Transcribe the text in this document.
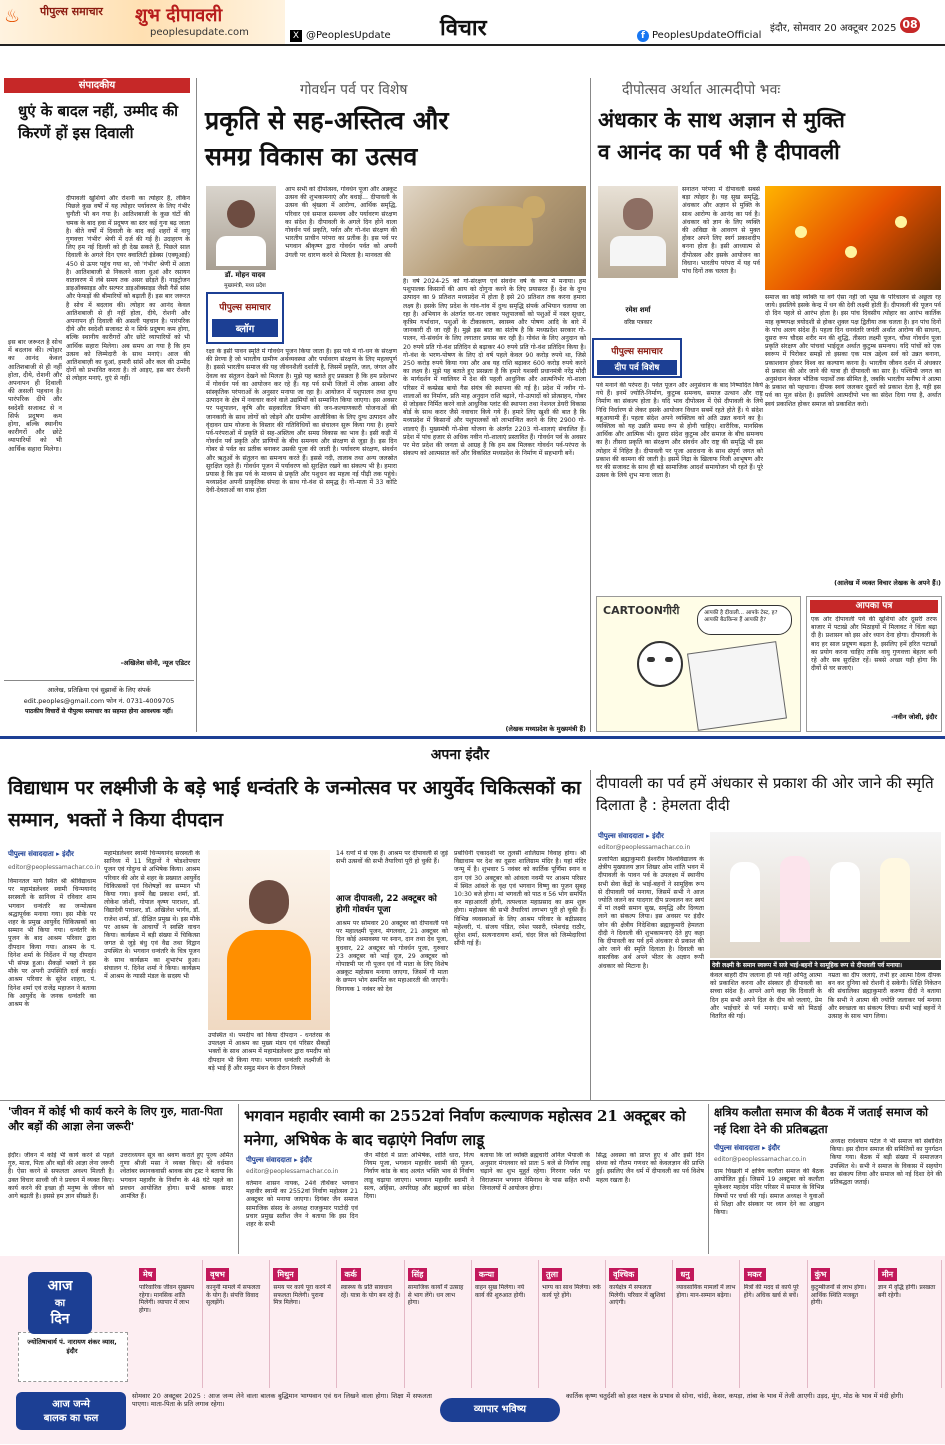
पीपुल्स समाचार शुभ दीपावली
peoplesupdate.com
♨
X @PeoplesUpdate विचार	इंदौर, सोमवार 20 अक्टूबर 2025 08
f PeoplesUpdateOfficial
संपादकीय
धुएं के बादल नहीं, उम्मीद की किरणें हों इस दिवाली
दीपावली खुशियों और रोशनी का त्योहार है, लेकिन पिछले कुछ वर्षों में यह त्योहार पर्यावरण के लिए गंभीर चुनौती भी बन गया है। आतिशबाजी के कुछ घंटों की चमक के बाद हवा में प्रदूषण का स्तर कई गुना बढ़ जाता है। बीते वर्षों में दिवाली के बाद कई शहरों में वायु गुणवत्ता 'गंभीर' श्रेणी में दर्ज की गई है। उदाहरण के लिए हम नई दिल्ली को ही देख सकते हैं, पिछले साल दिवाली के अगले दिन एयर क्वालिटी इंडेक्स (एक्यूआई) 450 से ऊपर पहुंच गया था, जो 'गंभीर' श्रेणी में आता है। आतिशबाजी से निकलने वाला धुआं और रसायन वातावरण में लंबे समय तक असर छोड़ते हैं। नाइट्रोजन डाइऑक्साइड और सल्फर डाइऑक्साइड जैसी गैसें सांस और फेफड़ों की बीमारियों को बढ़ाती हैं। इस बार जरूरत है सोच में बदलाव की। त्योहार का आनंद केवल आतिशबाजी से ही नहीं होता, दीये, रोशनी और अपनापन ही दिवाली की असली पहचान है। पारंपरिक दीये और स्वदेशी सजावट से न सिर्फ प्रदूषण कम होगा, बल्कि स्थानीय कारीगरों और छोटे व्यापारियों को भी आर्थिक सहारा मिलेगा। अब समय आ गया है कि हम उत्सव को जिम्मेदारी के साथ मनाएं। आज की आतिशबाज़ी का धुआं, हमारी सांसें और कल की उम्मीद दोनों को प्रभावित करता है। तो आइए, इस बार रोशनी से त्योहार मनाएं, धुएं से नहीं।
इस बार जरूरत है सोच में बदलाव की। त्योहार का आनंद केवल आतिशबाजी से ही नहीं होता, दीये, रोशनी और अपनापन ही दिवाली की असली पहचान है। पारंपरिक दीये और स्वदेशी सजावट से न सिर्फ प्रदूषण कम होगा, बल्कि स्थानीय कारीगरों और छोटे व्यापारियों को भी आर्थिक सहारा मिलेगा।
-अखिलेश सोनी, न्यूज एडिटर
आलेख, प्रतिक्रिया एवं सुझावों के लिए संपर्क
edit.peoples@gmail.com फोन नं. 0731-4009705
पाठकीय विचारों से पीपुल्स समाचार का सहमत होना आवश्यक नहीं।
गोवर्धन पर्व पर विशेष
प्रकृति से सह-अस्तित्व और
समग्र विकास का उत्सव
डॉ. मोहन यादव
मुख्यमंत्री, मध्य प्रदेश
आप सभी को दीपोत्सव, गोवर्धन पूजा और अन्नकूट उत्सव की शुभकामनाएं और बधाई... दीपावली के उत्सव की श्रृंखला में आरोग्य, आर्थिक समृद्धि, परिवार एवं समाज समन्वय और पर्यावरण संरक्षण का संदेश है। दीपावली के अगले दिन होने वाला गोवर्धन पर्व प्रकृति, पर्वत और गो-वंश संरक्षण की भारतीय प्राचीन परंपरा का प्रतीक है। इस पर्व पर भगवान श्रीकृष्ण द्वारा गोवर्धन पर्वत को अपनी उंगली पर धारण करने से मिलता है। मानवता की
पीपुल्स समाचार
ब्लॉग
रक्षा के इसी पावन स्मृति में गोवर्धन पूजन किया जाता है। इस पर्व में गो-धन के संरक्षण की प्रेरणा है जो भारतीय ग्रामीण अर्थव्यवस्था और पर्यावरण संरक्षण के लिए महत्वपूर्ण है। इससे भारतीय समाज की यह जीवनशैली दर्शाती है, जिसमें प्रकृति, जल, जंगल और देवत्व का संतुलन देखने को मिलता है। मुझे यह बताते हुए प्रसन्नता है कि हम प्रदेशभर में गोवर्धन पर्व का आयोजन कर रहे हैं। यह पर्व सभी जिलों में लोक आस्था और सांस्कृतिक परंपराओं के अनुसार मनाया जा रहा है। आयोजन में पशुपालन तथा दुग्ध उत्पादन के क्षेत्र में नवाचार करने वाले उद्यमियों को सम्मानित किया जाएगा। इस अवसर पर पशुपालन, कृषि और सहकारिता विभाग की जन-कल्याणकारी योजनाओं की जानकारी के साथ लोगों को जोड़ने और ग्रामीण आजीविका के लिए दुग्ध उत्पादन और वृंदावन ग्राम योजना के विस्तार की गतिविधियों का संचालन सुरू किया गया है। हमारे पर्व-परंपराओं में प्रकृति से सह-अस्तित्व और समग्र विकास का भाव है। इसी कड़ी में गोवर्धन पर्व प्रकृति और प्राणियों के बीच समन्वय और संरक्षण से जुड़ा है। इस दिन गोबर से पर्वत का प्रतीक बनाकर उसकी पूजा की जाती है। पर्यावरण संरक्षण, संवर्धन और ऋतुओं के संतुलन का समन्वय करते हैं। इससे नदी, तालाब तथा अन्य जलस्रोत सुरक्षित रहते हैं। गोवर्धन पूजन में पर्यावरण को सुरक्षित रखने का संकल्प भी है। हमारा प्रयास है कि इस पर्व के माध्यम से प्रकृति और पशुधन का महत्व नई पीढ़ी तक पहुंचे। मध्यप्रदेश अपनी प्राकृतिक संपदा के साथ गो-वंश से समृद्ध है। गो-माता में 33 कोटि देवी-देवताओं का वास होता
है। वर्ष 2024-25 को गो-संरक्षण एवं संवर्धन वर्ष के रूप में मनाया। हम पशुपालक किसानों की आय को दोगुना करने के लिए प्रयासरत हैं। देश के दुग्ध उत्पादन का 9 प्रतिशत मध्यप्रदेश में होता है इसे 20 प्रतिशत तक करना हमारा लक्ष्य है। इसके लिए प्रदेश के गांव-गांव में दुग्ध समृद्धि संपर्क अभियान चलाया जा रहा है। अभियान के अंतर्गत घर-घर जाकर पशुपालकों को पशुओं में नस्ल सुधार, कृत्रिम गर्भाधान, पशुओं के टीकाकरण, स्वास्थ्य और पोषण आदि के बारे में जानकारी दी जा रही है। मुझे इस बात का संतोष है कि मध्यप्रदेश सरकार गो-पालन, गो-संवर्धन के लिए लगातार प्रयास कर रही है। गोवंश के लिए अनुदान को 20 रुपये प्रति गो-वंश प्रतिदिन से बढ़ाकर 40 रुपये प्रति गो-वंश प्रतिदिन किया है। गो-वंश के भरण-पोषण के लिए दो वर्ष पहले केवल 90 करोड़ रुपये था, जिसे 250 करोड़ रुपये किया गया और अब यह राशि बढ़ाकर 600 करोड़ रुपये करने का लक्ष्य है। मुझे यह बताते हुए प्रसन्नता है कि हमारे यशस्वी प्रधानमंत्री नरेंद्र मोदी के मार्गदर्शन में ग्वालियर में देश की पहली आधुनिक और आत्मनिर्भर गो-शाला परिसर में कम्प्रेस्ड बायो गैस संयंत्र की स्थापना की गई है। प्रदेश में नवीन गो-शालाओं का निर्माण, प्रति माह अनुदान राशि बढ़ाने, गो-उत्पादों को प्रोत्साहन, गोबर से जोड़कर निर्मित करने वाले आधुनिक प्लांट की स्थापना तथा नेशनल डेयरी विकास बोर्ड के साथ करार जैसे नवाचार किये गये हैं। हमारे लिए खुशी की बात है कि मध्यप्रदेश में किसानों और पशुपालकों को लाभान्वित करने के लिए 2900 गो-शालाएं हैं। मुख्यमंत्री गो-सेवा योजना के अंतर्गत 2203 गो-शालाएं संचालित हैं। प्रदेश में पांच हजार से अधिक नवीन गो-शालाएं प्रस्तावित हैं। गोवर्धन पर्व के अवसर पर मेरा प्रदेश की जनता से आग्रह है कि हम सब मिलकर गोवर्धन पर्व-परंपरा के संकल्प को आत्मसात करें और विकसित मध्यप्रदेश के निर्माण में सहभागी बनें।
(लेखक मध्यप्रदेश के मुख्यमंत्री हैं)
दीपोत्सव अर्थात आत्मदीपो भवः
अंधकार के साथ अज्ञान से मुक्ति
व आनंद का पर्व भी है दीपावली
रमेश शर्मा
वरिष्ठ पत्रकार
सनातन परंपरा में दीपावली सबसे बड़ा त्योहार है। यह सुख समृद्धि, अंधकार और अज्ञान से मुक्ति के साथ आरोग्य के आनंद का पर्व है। अंधकार को ज्ञान के लिए व्यक्ति की अविद्या के आवरण से मुक्त होकर अपने लिए स्वर्ग प्रकाशदीप बनना होता है। इसी आध्यात्म से दीपोत्सव और इसके आयोजन का विधान। भारतीय परंपरा में यह पर्व पांच दिनों तक चलता है।
पीपुल्स समाचार
दीप पर्व विशेष
पर्व मनाने की परंपरा है। पर्वत पूजन और अनुसंधान के बाद निष्पादित किये गये हैं। इनमें ज्योति-निर्माण, कुटुम्ब समन्वय, समाज उत्थान और राष्ट्र निर्माण का संकल्प होता है। यदि भाव दीपोत्सव में ऐसे दीपावली के लिये निधि निर्धारण से लेकर इसके आयोजन विधान सबमें रहते होते हैं। ये संदेश बहुआयामी हैं। पहला संदेश अपने व्यक्तित्व को अति उन्नत बनाने का है। व्यक्तित्व को यह उन्नति समग्र रूप से होनी चाहिए। शारीरिक, मानसिक आर्थिक और आत्मिक भी। दूसरा संदेश कुटुम्ब और समाज के बीच समन्वय का है। तीसरा प्रकृति का संरक्षण और संवर्धन और राष्ट्र की समृद्धि भी इस त्योहार में निहित है। दीपावली पर पूजा आराधना के साथ संपूर्ण जगत को प्रकाश की कामना की जाती है। इसमें निद्रा के खिलाफ निजी आभूषण और घर की सजावट के साथ ही बड़े सामाजिक आदर्श समायोजन भी रहते हैं। पूरे उत्सव के लिये शुभ माना जाता है।
समाज का कोई व्यक्ति या वर्ग ऐसा नहीं जो भूख के परिचालन से अछूता रह जाये। इसलिये इसके केन्द्र में धन की देवी लक्ष्मी होती हैं। दीपावली की पूजन पर्व दो दिन पहले से आरंभ होता है। इस पांच दिवसीय त्योहार का आरंभ कार्तिक माह कृष्णपक्ष त्रयोदशी से होकर शुक्ल पक्ष द्वितीया तक चलता है। इन पांच दिनों के पांच अलग संदेश हैं। पहला दिन धनवंतरि जयंती अर्थात आरोग्य की साधना, दूसरा रूप चौदस शरीर मन की शुद्धि, तीसरा लक्ष्मी पूजन, चौथा गोवर्धन पूजा प्रकृति संरक्षण और पांचवां भाईदूज अर्थात कुटुम्ब समन्वय। यदि पांचों को एक स्वरूप में पिरोकर समझें तो इसका एक मात्र उद्देश्य सर्व को उन्नत बनाना, प्रकाशवान होकर विश्व का कल्याण करना है। भारतीय जीवन दर्शन में अंधकार से प्रकाश की ओर जाने की यात्रा ही दीपावली का सार है। पश्चिमी जगत का अनुसंधान केवल भौतिक पदार्थों तक सीमित है, जबकि भारतीय मनीषा ने आत्मा के प्रकाश को पहचाना। दीपक स्वयं जलकर दूसरों को प्रकाश देता है, यही इस पर्व का मूल संदेश है। इसलिये आत्मदीपो भव का संदेश दिया गया है, अर्थात स्वयं प्रकाशित होकर समाज को प्रकाशित करो।
(आलेख में व्यक्त विचार लेखक के अपने हैं।)
CARTOONगीरी	आपकी है दीवाली... आपके टेस्ट, ह? आपकी बैठकिन्स हैं आपकी है?
आपका पत्र
एक ओर दीपावली पर्व की खुशियां और दूसरी तरफ बाजार में पटाखे और मिठाइयों में मिलावट ने चिंता बढ़ा दी है। प्रशासन को इस ओर ध्यान देना होगा। दीपावली के बाद हर साल प्रदूषण बढ़ता है, इसलिए हमें हरित पटाखों का प्रयोग करना चाहिए ताकि वायु गुणवत्ता बेहतर बनी रहे और सब सुरक्षित रहें। सबसे अच्छा यही होगा कि दीयों से घर सजाएं।
-नवीन जोशी, इंदौर
अपना इंदौर
विद्याधाम पर लक्ष्मीजी के बड़े भाई धन्वंतरि के जन्मोत्सव पर आयुर्वेद चिकित्सकों का सम्मान, भक्तों ने किया दीपदान
पीपुल्स संवाददाता ▸ इंदौर
editor@peoplessamachar.co.in
विमानतल मार्ग स्थित श्री श्रीविद्याधाम पर महामंडलेश्वर स्वामी चिन्मयानंद सरस्वती के सानिध्य में रविवार शाम भगवान धन्वंतरि का जन्मोत्सव श्रद्धापूर्वक मनाया गया। इस मौके पर शहर के प्रमुख आयुर्वेद चिकित्सकों का सम्मान भी किया गया। धन्वंतरि के पूजन के बाद आश्रम परिवार द्वारा दीपदान किया गया। आश्रम के पं. दिनेश शर्मा के निर्देशन में यह दीपदान भी संपन्न हुआ। सैकड़ों भक्तों ने इस मौके पर अपनी उपस्थिति दर्ज कराई। आश्रम परिवार के सुरेश शाहरा, पं. दिनेश शर्मा एवं राजेंद्र महाजन ने बताया कि आयुर्वेद के जनक धन्वंतरि का आश्रम के
महामंडलेश्वर स्वामी चिन्मयानंद सरस्वती के सानिध्य में 11 विद्वानों ने षोडशोपचार पूजन एवं गोदुग्ध से अभिषेक किया। आश्रम परिवार की ओर से शहर के प्रख्यात आयुर्वेद चिकित्सकों एवं विशेषज्ञों का सम्मान भी किया गया। इनमें वैद्य प्रकाश शर्मा, डॉ. लोकेश जोशी, गोपाल कृष्ण पाराशर, डॉ. विद्यादेवी पाराशर, डॉ. अखिलेश भार्गव, डॉ. राजेश शर्मा, डॉ. दीक्षित प्रमुख थे। इस मौके पर आश्रम के आचार्यों ने स्वस्ति वाचन किया। कार्यक्रम में बड़ी संख्या में चिकित्सा जगत से जुड़े बंधु एवं वैद्य तथा विद्वान उपस्थित थे। भगवान धन्वंतरि के चित्र पूजन के साथ कार्यक्रम का शुभारंभ हुआ। संचालन पं. दिनेश शर्मा ने किया। कार्यक्रम में आश्रम के न्यासी मंडल के सदस्य भी
उपस्थित थे। पमदीप को किया दीपदान - धनतेरस के उपलक्ष्य में आश्रम का मुख्य मंडप एवं परिसर सैकड़ों भक्तों के साथ आश्रम में महामंडलेश्वर द्वारा यमदीप को दीपदान भी किया गया। भगवान धन्वंतरि लक्ष्मीजी के बड़े भाई हैं और समुद्र मंथन के दौरान निकले
14 रत्नों में से एक हैं। आश्रम पर दीपावली से जुड़े सभी उत्सवों की सभी तैयारियां पूरी हो चुकी हैं।
आज दीपावली, 22 अक्टूबर को होगी गोवर्धन पूजा
आश्रम पर सोमवार 20 अक्टूबर को दीपावली पर्व पर महालक्ष्मी पूजन, मंगलवार, 21 अक्टूबर को दिन कोई अमावस्या पर स्नान, दान तथा देव पूजा, बुधवार, 22 अक्टूबर को गोवर्धन पूजा, गुरुवार 23 अक्टूबर को भाई दूज, 29 अक्टूबर को गोपाष्टमी पर गौ पूजन एवं गौ माता के लिए विशेष अन्नकूट महोत्सव मनाया जाएगा, जिसमें गौ माता के छप्पन भोग समर्पित कर महाआरती की जाएगी। विनायक 1 नवंबर को देव
प्रबोधिनी एकादशी पर तुलसी शालिग्राम विवाह होगा। श्री विद्याधाम पर देश का दूसरा शालिग्राम मंदिर है। यहां मंदिर जन्मू में है। शुभवार 5 नवंबर को कार्तिक पूर्णिमा स्नान व दान एवं 30 अक्टूबर को आंवला नवमी पर आश्रम परिसर में स्थित आंवले के वृक्ष एवं भगवान विष्णु का पूजन सुबह 10:30 बजे होगा। मां भगवती को पाठ व 56 भोग समर्पित कर महाआरती होगी, तत्पश्चात महाप्रसाद का क्रम शुरू होगा। महोत्सव की सभी तैयारियां लगभग पूरी हो चुकी हैं। विभिन्न व्यवस्थाओं के लिए आश्रम परिवार के बद्रीप्रसाद महेश्वरी, पं. संजय पंडित, रमेश पसारी, रमेशचंद्र राठौर, सुरेश शर्मा, सत्यनारायण शर्मा, चंदर विज को जिम्मेदारियां सौंपी गई हैं।
दीपावली का पर्व हमें अंधकार से प्रकाश की ओर जाने की स्मृति दिलाता है : हेमलता दीदी
पीपुल्स संवाददाता ▸ इंदौर
editor@peoplessamachar.co.in
प्रजापिता ब्रह्माकुमारी ईश्वरीय विश्वविद्यालय के क्षेत्रीय मुख्यालय ज्ञान शिखर ओम शांति भवन में दीपावली के पावन पर्व के उपलक्ष्य में स्थानीय सभी सेवा केंद्रों के भाई-बहनों ने सामूहिक रूप से दीपावली पर्व मनाया, जिसमें सभी ने आज ज्योति जलने का यादगार दीप प्रज्वलन कर स्वयं में मां लक्ष्मी समान सुख, समृद्धि और दिव्यता लाने का संकल्प लिया। इस अवसर पर इंदौर जोन की क्षेत्रीय निदेशिका ब्रह्माकुमारी हेमलता दीदी ने दिवाली की शुभकामनाएं देते हुए कहा कि दीपावली का पर्व हमें अंधकार से प्रकाश की ओर जाने की स्मृति दिलाता है। दिवाली का वास्तविक अर्थ अपने भीतर के अज्ञान रूपी अंधकार को मिटाना है।	देवी लक्ष्मी के समान स्वरूप में सजे भाई-बहनों ने सामूहिक रूप से दीपावली पर्व मनाया।
केवल बाहरी दीप जलाना ही पर्व नहीं अपितु आत्मा को प्रकाशित करना और संस्कार ही दीपावली का सच्चा संदेश है। आपने आगे कहा कि दिवाली के दिन हम सभी अपने दिल के दीप को जलाएं, प्रेम और भाईचारे से पर्व मनाएं। सभी को मिठाई वितरित की गई।
नम्रता का दीप जलाएं, तभी हर आत्मा दिव्य दीपक बन कर दुनिया को रोशनी दे सकेगी। शिक्षि निकेतन की संचालिका ब्रह्माकुमारी करुणा दीदी ने बताया कि सभी ने आत्मा की ज्योति जलाकर पर्व मनाया और स्वच्छता का संकल्प लिया। सभी भाई बहनों ने उत्साह के साथ भाग लिया।
'जीवन में कोई भी कार्य करने के लिए गुरु, माता-पिता और बड़ों की आज्ञा लेना जरूरी'
इंदौर। जीवन में कोई भी कार्य करने से पहले गुरु, माता, पिता और बड़ों की आज्ञा लेना जरूरी है। ऐसा करने से सफलता अवश्य मिलती है। उक्त विचार साध्वी जी ने प्रवचन में व्यक्त किए। कार्य करने की इच्छा ही मनुष्य के जीवन को आगे बढ़ाती है। इससे हम ज्ञान सीखते हैं।
उत्तराध्ययन सूत्र का श्रवण कराते हुए पूज्य अमित गुणा श्रीजी मसा ने व्यक्त किए। श्री वर्धमान श्वेतांबर स्थानकवासी श्रावक संघ ट्रस्ट ने बताया कि भगवान महावीर के निर्वाण के 48 घंटे पहले का प्रवचन आयोजित होगा। सभी श्रावक सादर आमंत्रित हैं।
भगवान महावीर स्वामी का 2552वां निर्वाण कल्याणक महोत्सव 21 अक्टूबर को मनेगा, अभिषेक के बाद चढ़ाएंगे निर्वाण लाडू
पीपुल्स संवाददाता ▸ इंदौर
editor@peoplessamachar.co.in
वर्तमान शासन नायक, 24वें तीर्थंकर भगवान महावीर स्वामी का 2552वां निर्वाण महोत्सव 21 अक्टूबर को मनाया जाएगा। दिगंबर जैन समाज सामाजिक संसद के अध्यक्ष राजकुमार पाटोदी एवं प्रचार प्रमुख सतीश जैन ने बताया कि इस दिन शहर के सभी
जैन मंदिरों में प्रातः अभिषेक, शांति धारा, नित्य नियम पूजा, भगवान महावीर स्वामी की पूजन, निर्वाण कांड के बाद अत्यंत भक्ति भाव से निर्वाण लाडू चढ़ाया जाएगा। भगवान महावीर स्वामी ने सत्य, अहिंसा, अपरिग्रह और ब्रह्मचर्य का संदेश दिया।
बताया कि जो व्यक्ति ब्रह्मचारी अनिल भैयाजी के अनुसार मंगलवार को प्रातः 5 बजे से निर्वाण लाडू चढ़ाने का शुभ मुहूर्त रहेगा। गिरनार पर्वत पर विराजमान भगवान नेमिनाथ के पास सहित सभी जिनालयों में आयोजन होगा।
सिद्ध अवस्था को प्राप्त हुए थे और इसी दिन संध्या को गौतम गणधर को केवलज्ञान की प्राप्ति हुई। इसलिए जैन धर्म में दीपावली का पर्व विशेष महत्व रखता है।
क्षत्रिय कलौता समाज की बैठक में जताई समाज को नई दिशा देने की प्रतिबद्धता
पीपुल्स संवाददाता ▸ इंदौर
editor@peoplessamachar.co.in
ग्राम चिखली में क्षत्रिय कलौता समाज की बैठक आयोजित हुई। जिसमें 19 अक्टूबर को कलौता मुकेश्वर महादेव मंदिर परिसर में समाज के विभिन्न विषयों पर चर्चा की गई। समाज अध्यक्ष ने युवाओं से शिक्षा और संस्कार पर ध्यान देने का आह्वान किया।
अध्यक्ष राधेश्याम पटेल ने भी समाज को संबोधित किया। इस दौरान समाज की समितियों का पुनर्गठन किया गया। बैठक में बड़ी संख्या में समाजजन उपस्थित थे। सभी ने समाज के विकास में सहयोग का संकल्प लिया और समाज को नई दिशा देने की प्रतिबद्धता जताई।
आज
का
दिन
ज्योतिषाचार्य पं. नारायण शंकर व्यास, इंदौर
मेष
पारिवारिक जीवन सुखमय रहेगा। मानसिक शांति मिलेगी। व्यापार में लाभ होगा।
वृषभ
कानूनी मामले में सफलता के योग हैं। संपत्ति विवाद सुलझेंगे।
मिथुन
समय पर कार्य पूरा करने में सफलता मिलेगी। पुराना मित्र मिलेगा।
कर्क
स्वास्थ्य के प्रति सावधान रहें। यात्रा के योग बन रहे हैं।
सिंह
सामाजिक कार्यों में उत्साह से भाग लेंगे। धन लाभ होगा।
कन्या
वाहन सुख मिलेगा। नये कार्य की शुरुआत होगी।
तुला
भाग्य का साथ मिलेगा। रुके कार्य पूरे होंगे।
वृश्चिक
कार्यक्षेत्र में सफलता मिलेगी। परिवार में खुशियां आएंगी।
धनु
व्यावसायिक मामलों में लाभ होगा। मान-सम्मान बढ़ेगा।
मकर
मित्रों की मदद से कार्य पूरे होंगे। अधिक खर्च से बचें।
कुंभ
कुटुम्बीजनों से लाभ होगा। आर्थिक स्थिति मजबूत होगी।
मीन
ज्ञान में वृद्धि होगी। प्रसन्नता बनी रहेगी।
आज जन्मे
बालक का फल
सोमवार 20 अक्टूबर 2025 : आज जन्म लेने वाला बालक बुद्धिमान भाग्यवान एवं धन लिखने वाला होगा। शिक्षा में सफलता पाएगा। माता-पिता के प्रति लगाव रहेगा।	व्यापार भविष्य
कार्तिक कृष्ण चतुर्दशी को हस्त नक्षत्र के प्रभाव से सोना, चांदी, केसर, कपड़ा, तांबा के भाव में तेजी आएगी। उड़द, मूंग, मोठ के भाव में मंदी होगी।
